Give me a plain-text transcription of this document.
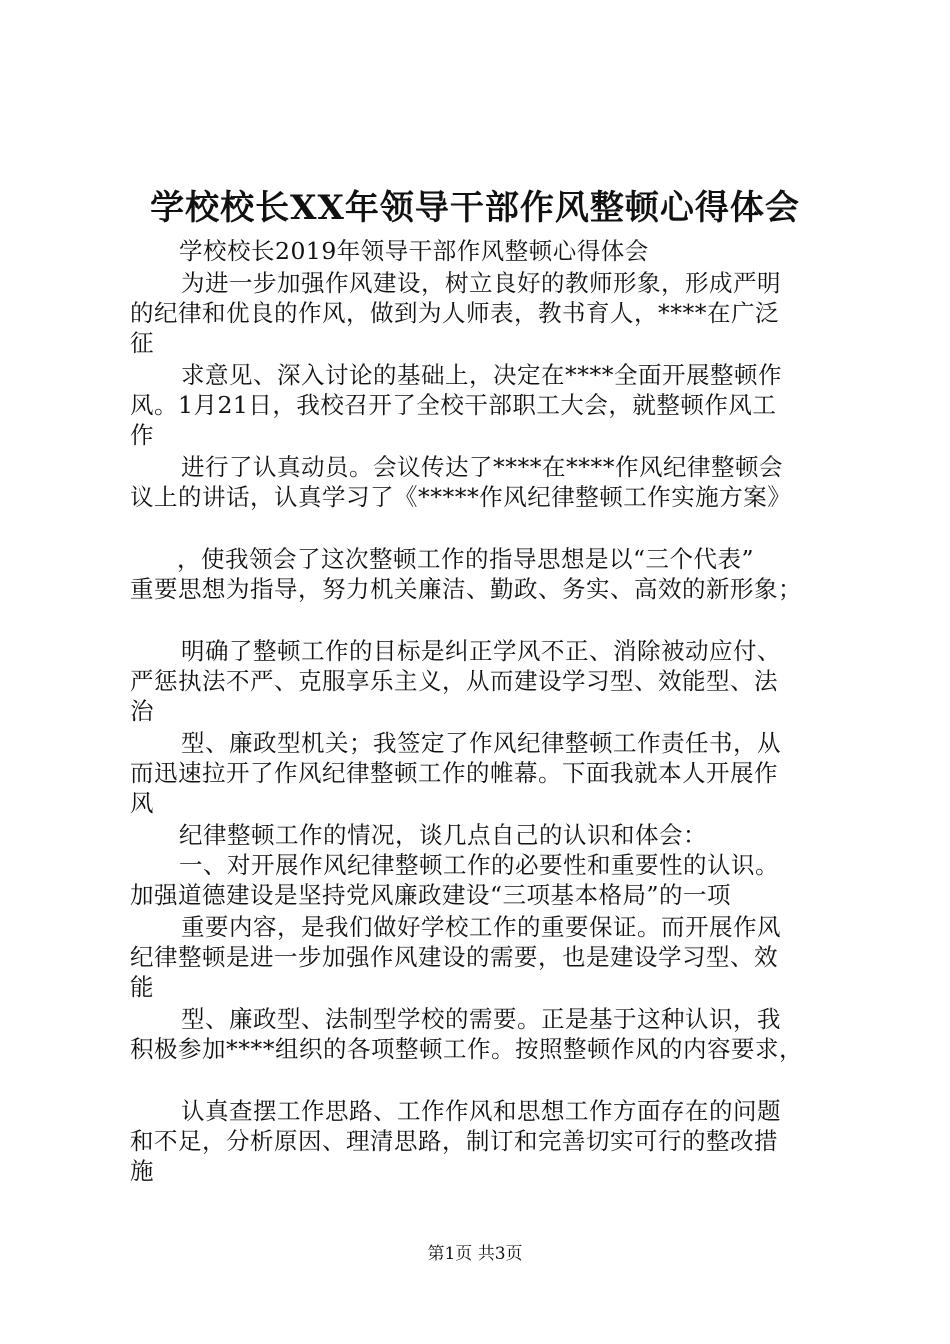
学校校长XX年领导干部作风整顿心得体会
学校校长2019年领导干部作风整顿心得体会
为进一步加强作风建设，树立良好的教师形象，形成严明
的纪律和优良的作风，做到为人师表，教书育人，****在广泛
征
求意见、深入讨论的基础上，决定在****全面开展整顿作
风。1月21日，我校召开了全校干部职工大会，就整顿作风工
作
进行了认真动员。会议传达了****在****作风纪律整顿会
议上的讲话，认真学习了《*****作风纪律整顿工作实施方案》
，使我领会了这次整顿工作的指导思想是以“三个代表”
重要思想为指导，努力机关廉洁、勤政、务实、高效的新形象；
明确了整顿工作的目标是纠正学风不正、消除被动应付、
严惩执法不严、克服享乐主义，从而建设学习型、效能型、法
治
型、廉政型机关；我签定了作风纪律整顿工作责任书，从
而迅速拉开了作风纪律整顿工作的帷幕。下面我就本人开展作
风
纪律整顿工作的情况，谈几点自己的认识和体会：
一、对开展作风纪律整顿工作的必要性和重要性的认识。
加强道德建设是坚持党风廉政建设“三项基本格局”的一项
重要内容，是我们做好学校工作的重要保证。而开展作风
纪律整顿是进一步加强作风建设的需要，也是建设学习型、效
能
型、廉政型、法制型学校的需要。正是基于这种认识，我
积极参加****组织的各项整顿工作。按照整顿作风的内容要求，
认真查摆工作思路、工作作风和思想工作方面存在的问题
和不足，分析原因、理清思路，制订和完善切实可行的整改措
施
第1页 共3页
